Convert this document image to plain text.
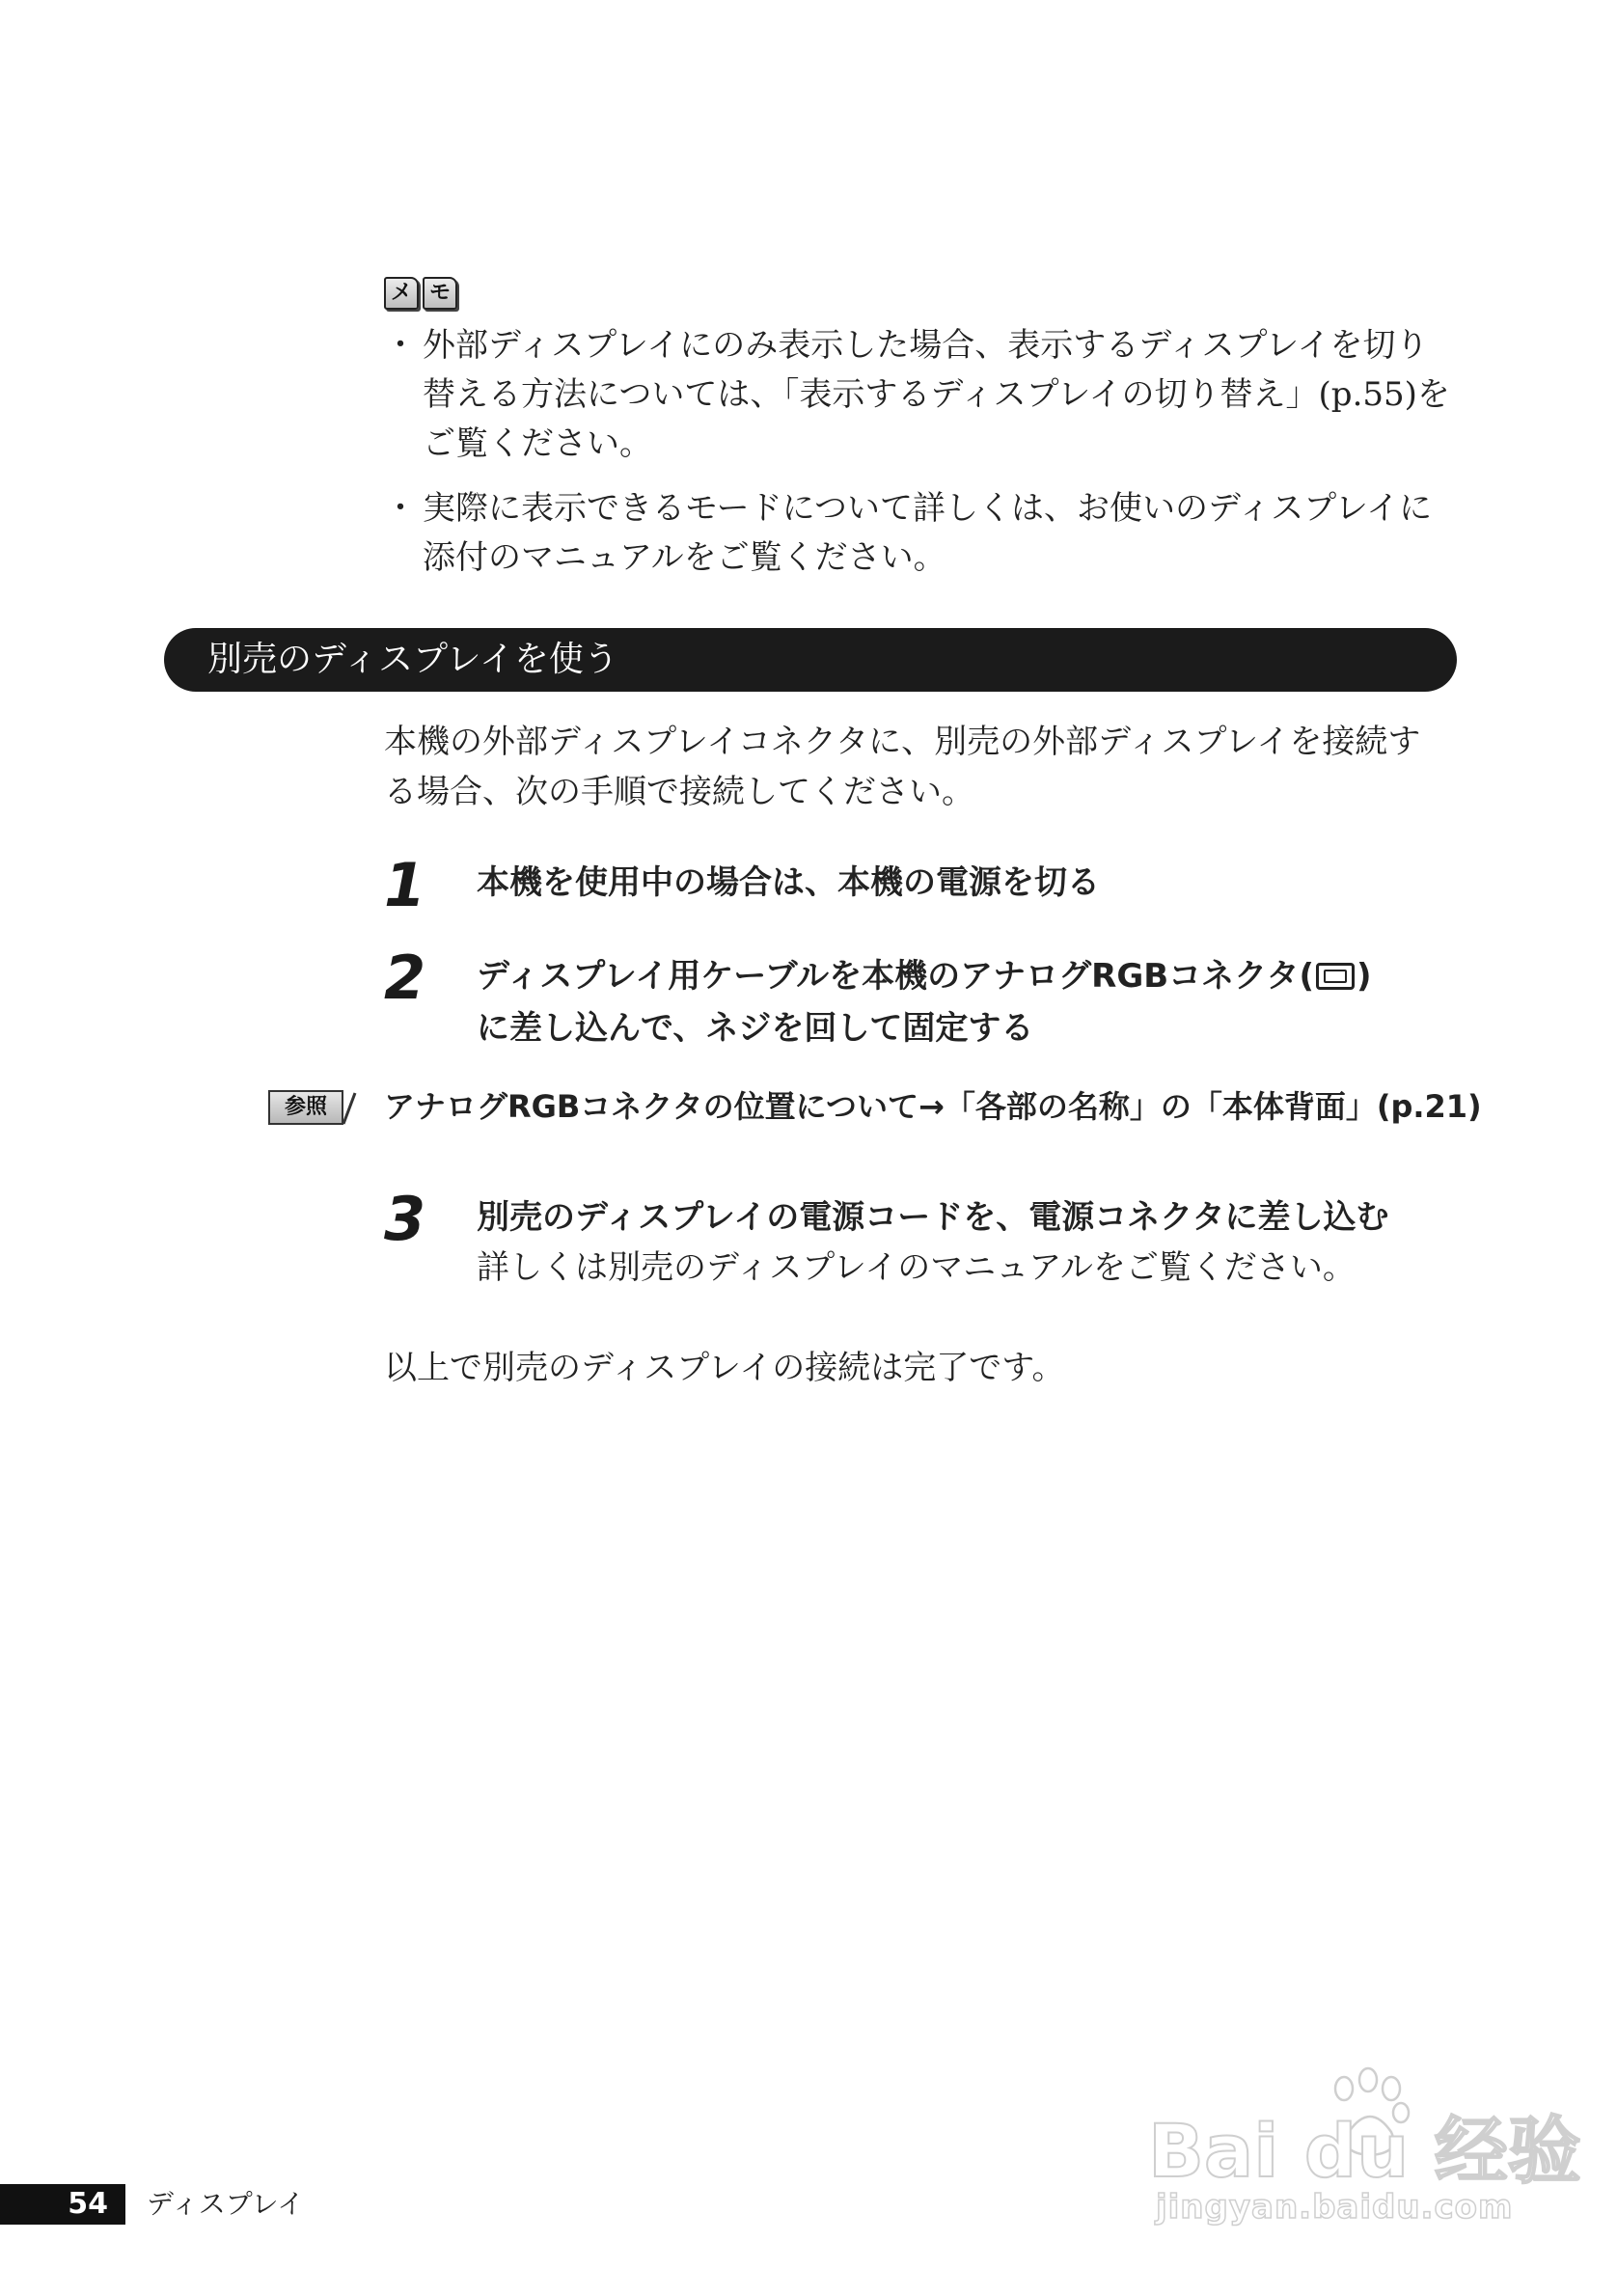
メ モ
・ 外部ディスプレイにのみ表示した場合、表示するディスプレイを切り
替える方法については、「表示するディスプレイの切り替え」(p.55)を
ご覧ください。
・ 実際に表示できるモードについて詳しくは、お使いのディスプレイに
添付のマニュアルをご覧ください。
別売のディスプレイを使う
本機の外部ディスプレイコネクタに、別売の外部ディスプレイを接続す
る場合、次の手順で接続してください。
1 本機を使用中の場合は、本機の電源を切る
2 ディスプレイ用ケーブルを本機のアナログRGBコネクタ( )
に差し込んで、ネジを回して固定する
参照	アナログRGBコネクタの位置について→「各部の名称」の「本体背面」(p.21)
3 別売のディスプレイの電源コードを、電源コネクタに差し込む
詳しくは別売のディスプレイのマニュアルをご覧ください。
以上で別売のディスプレイの接続は完了です。
54	ディスプレイ
Bai du 经验
jingyan.baidu.com
